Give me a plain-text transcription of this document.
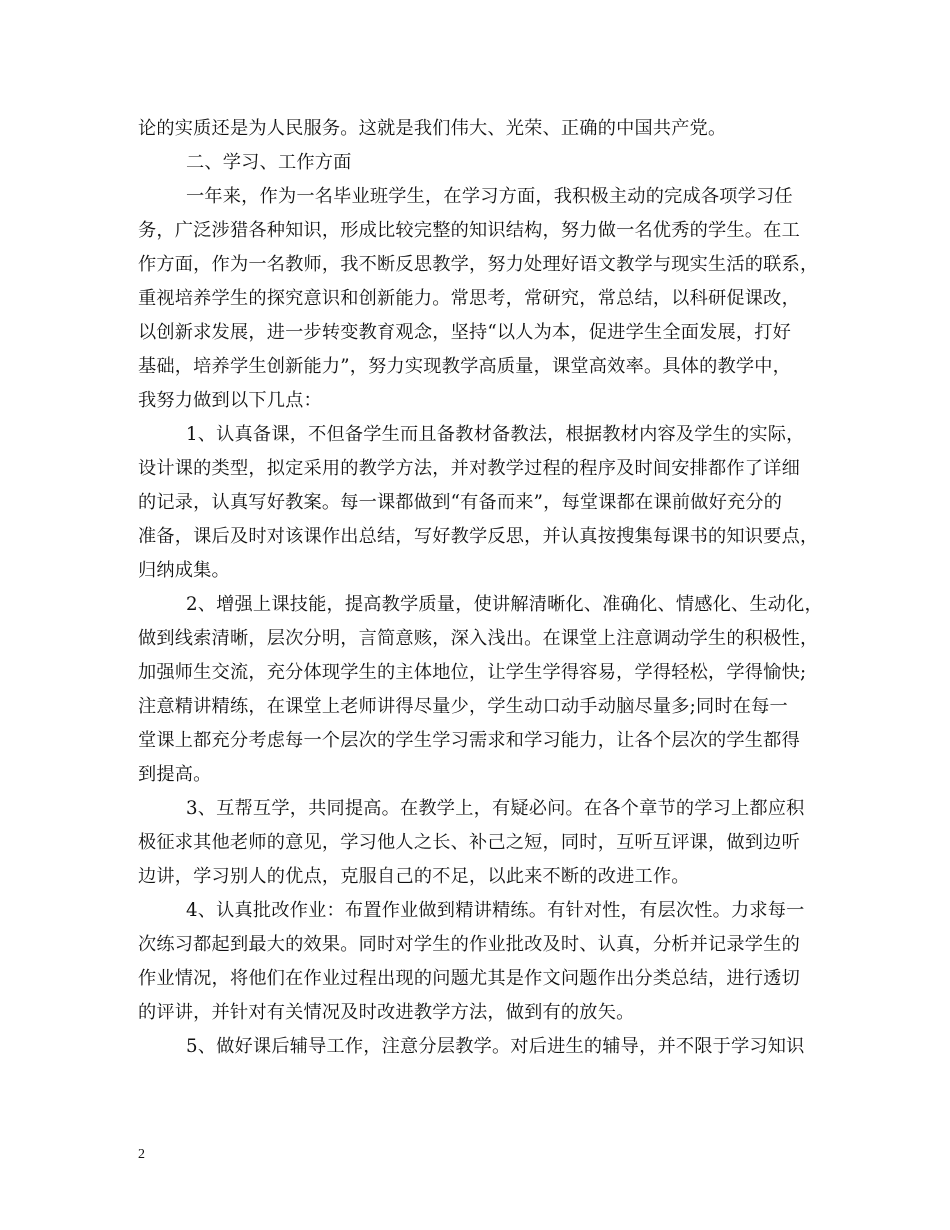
论的实质还是为人民服务。这就是我们伟大、光荣、正确的中国共产党。
二、学习、工作方面
一年来，作为一名毕业班学生，在学习方面，我积极主动的完成各项学习任
务，广泛涉猎各种知识，形成比较完整的知识结构，努力做一名优秀的学生。在工
作方面，作为一名教师，我不断反思教学，努力处理好语文教学与现实生活的联系，
重视培养学生的探究意识和创新能力。常思考，常研究，常总结，以科研促课改，
以创新求发展，进一步转变教育观念，坚持“以人为本，促进学生全面发展，打好
基础，培养学生创新能力”，努力实现教学高质量，课堂高效率。具体的教学中，
我努力做到以下几点：
1、认真备课，不但备学生而且备教材备教法，根据教材内容及学生的实际，
设计课的类型，拟定采用的教学方法，并对教学过程的程序及时间安排都作了详细
的记录，认真写好教案。每一课都做到“有备而来”，每堂课都在课前做好充分的
准备，课后及时对该课作出总结，写好教学反思，并认真按搜集每课书的知识要点，
归纳成集。
2、增强上课技能，提高教学质量，使讲解清晰化、准确化、情感化、生动化，
做到线索清晰，层次分明，言简意赅，深入浅出。在课堂上注意调动学生的积极性，
加强师生交流，充分体现学生的主体地位，让学生学得容易，学得轻松，学得愉快;
注意精讲精练，在课堂上老师讲得尽量少，学生动口动手动脑尽量多;同时在每一
堂课上都充分考虑每一个层次的学生学习需求和学习能力，让各个层次的学生都得
到提高。
3、互帮互学，共同提高。在教学上，有疑必问。在各个章节的学习上都应积
极征求其他老师的意见，学习他人之长、补己之短，同时，互听互评课，做到边听
边讲，学习别人的优点，克服自己的不足，以此来不断的改进工作。
4、认真批改作业：布置作业做到精讲精练。有针对性，有层次性。力求每一
次练习都起到最大的效果。同时对学生的作业批改及时、认真，分析并记录学生的
作业情况，将他们在作业过程出现的问题尤其是作文问题作出分类总结，进行透切
的评讲，并针对有关情况及时改进教学方法，做到有的放矢。
5、做好课后辅导工作，注意分层教学。对后进生的辅导，并不限于学习知识
2
